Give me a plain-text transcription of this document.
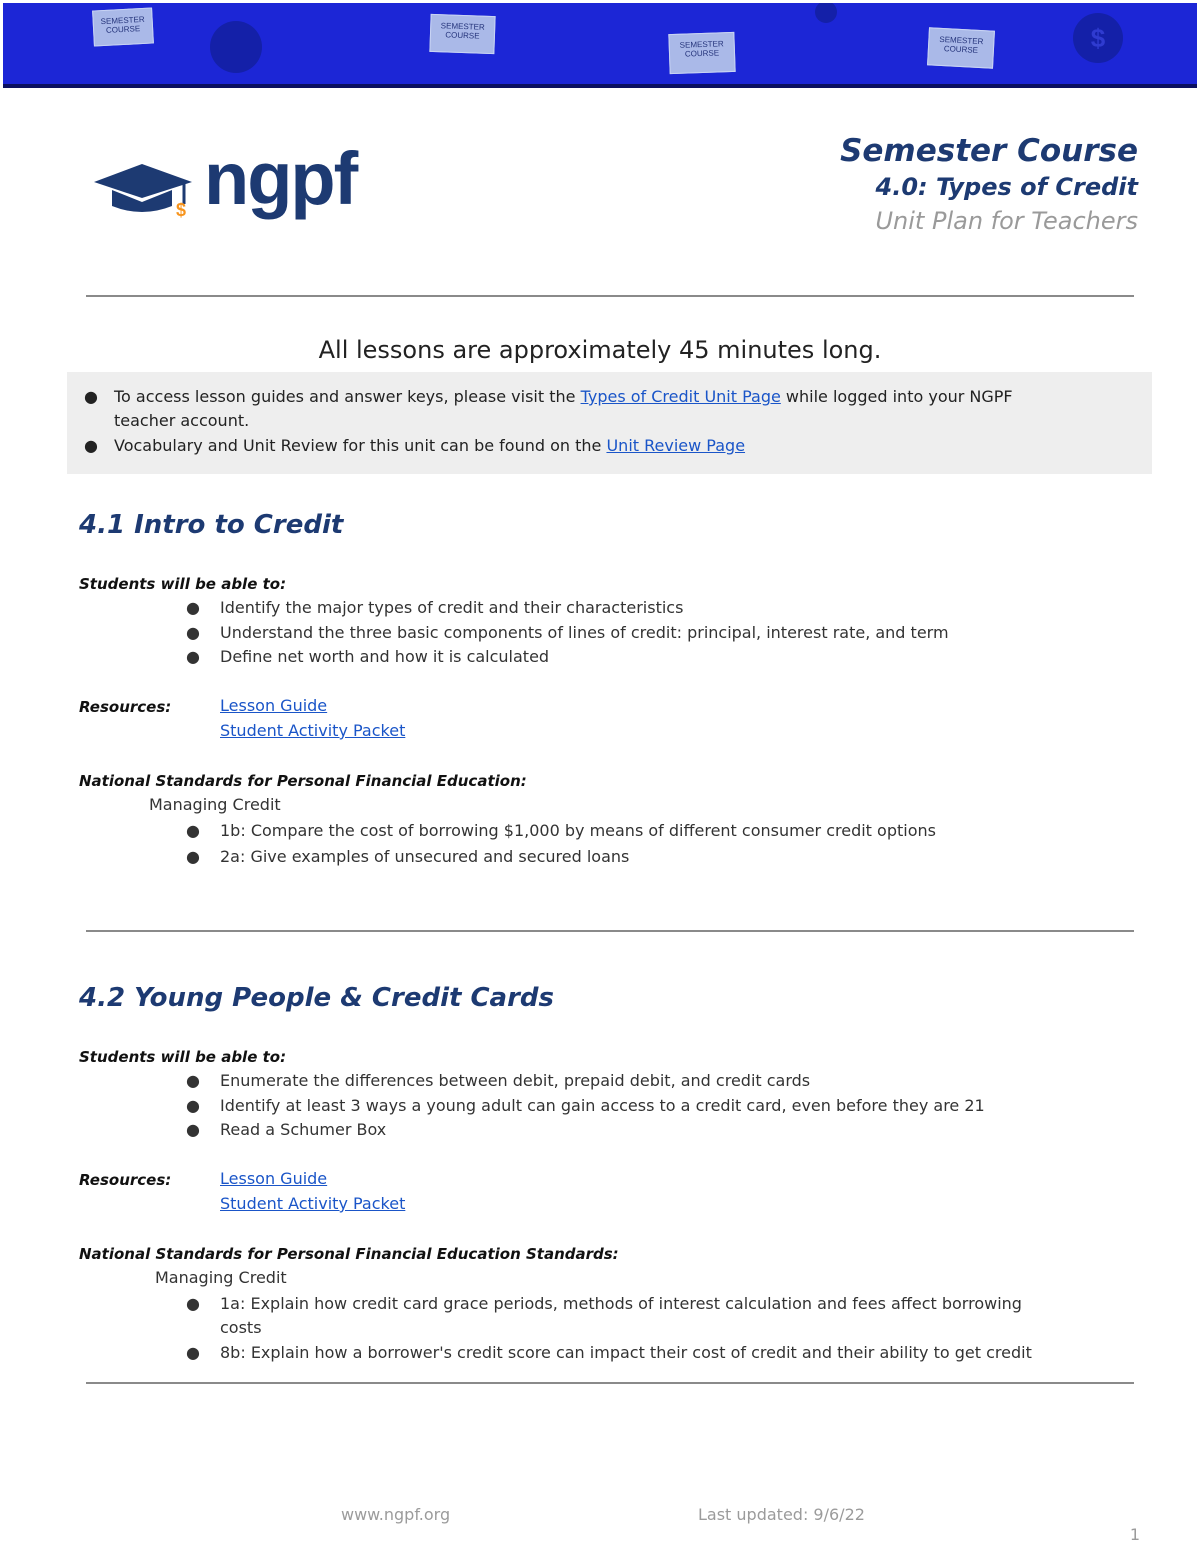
SEMESTER COURSE	SEMESTER COURSE
SEMESTER COURSE
SEMESTER COURSE	$
$ ngpf	Semester Course
4.0: Types of Credit
Unit Plan for Teachers
All lessons are approximately 45 minutes long.
● To access lesson guides and answer keys, please visit the Types of Credit Unit Page while logged into your NGPF
teacher account.
● Vocabulary and Unit Review for this unit can be found on the Unit Review Page
4.1 Intro to Credit
Students will be able to:
● Identify the major types of credit and their characteristics
● Understand the three basic components of lines of credit: principal, interest rate, and term
● Define net worth and how it is calculated
Resources:	Lesson Guide
Student Activity Packet
National Standards for Personal Financial Education:
Managing Credit
● 1b: Compare the cost of borrowing $1,000 by means of different consumer credit options
● 2a: Give examples of unsecured and secured loans
4.2 Young People & Credit Cards
Students will be able to:
● Enumerate the differences between debit, prepaid debit, and credit cards
● Identify at least 3 ways a young adult can gain access to a credit card, even before they are 21
● Read a Schumer Box
Resources:	Lesson Guide
Student Activity Packet
National Standards for Personal Financial Education Standards:
Managing Credit
● 1a: Explain how credit card grace periods, methods of interest calculation and fees affect borrowing
costs
● 8b: Explain how a borrower's credit score can impact their cost of credit and their ability to get credit
www.ngpf.org	Last updated: 9/6/22
1
